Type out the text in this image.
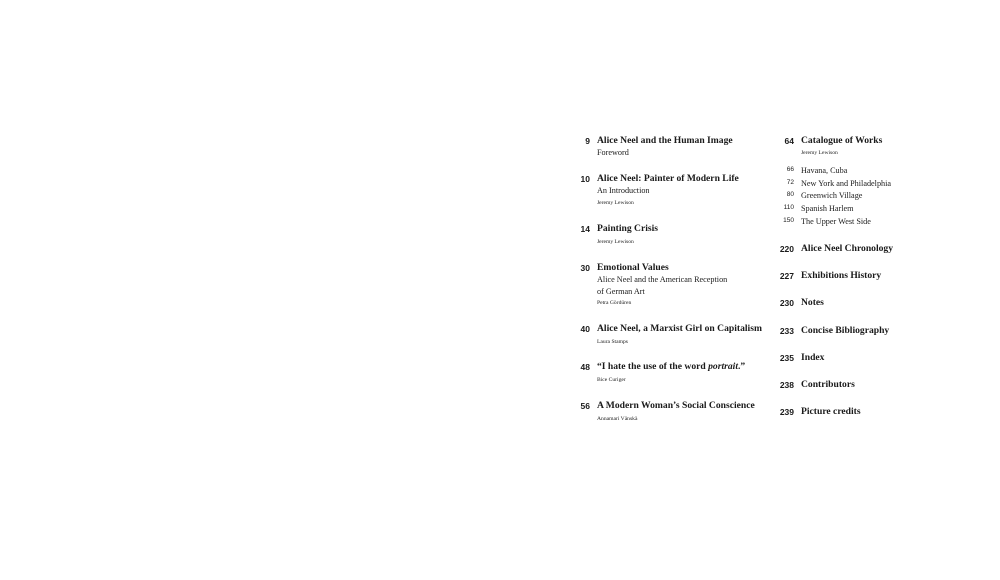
9 Alice Neel and the Human Image
Foreword
10 Alice Neel: Painter of Modern Life
An Introduction
Jeremy Lewison
14 Painting Crisis
Jeremy Lewison
30 Emotional Values
Alice Neel and the American Reception
of German Art
Petra Gördüren
40 Alice Neel, a Marxist Girl on Capitalism
Laura Stamps
48 “I hate the use of the word portrait.”
Bice Curiger
56 A Modern Woman’s Social Conscience
Annamari Vänskä
64 Catalogue of Works
Jeremy Lewison
66 Havana, Cuba
72 New York and Philadelphia
80 Greenwich Village
110 Spanish Harlem
150 The Upper West Side
220 Alice Neel Chronology
227 Exhibitions History
230 Notes
233 Concise Bibliography
235 Index
238 Contributors
239 Picture credits
